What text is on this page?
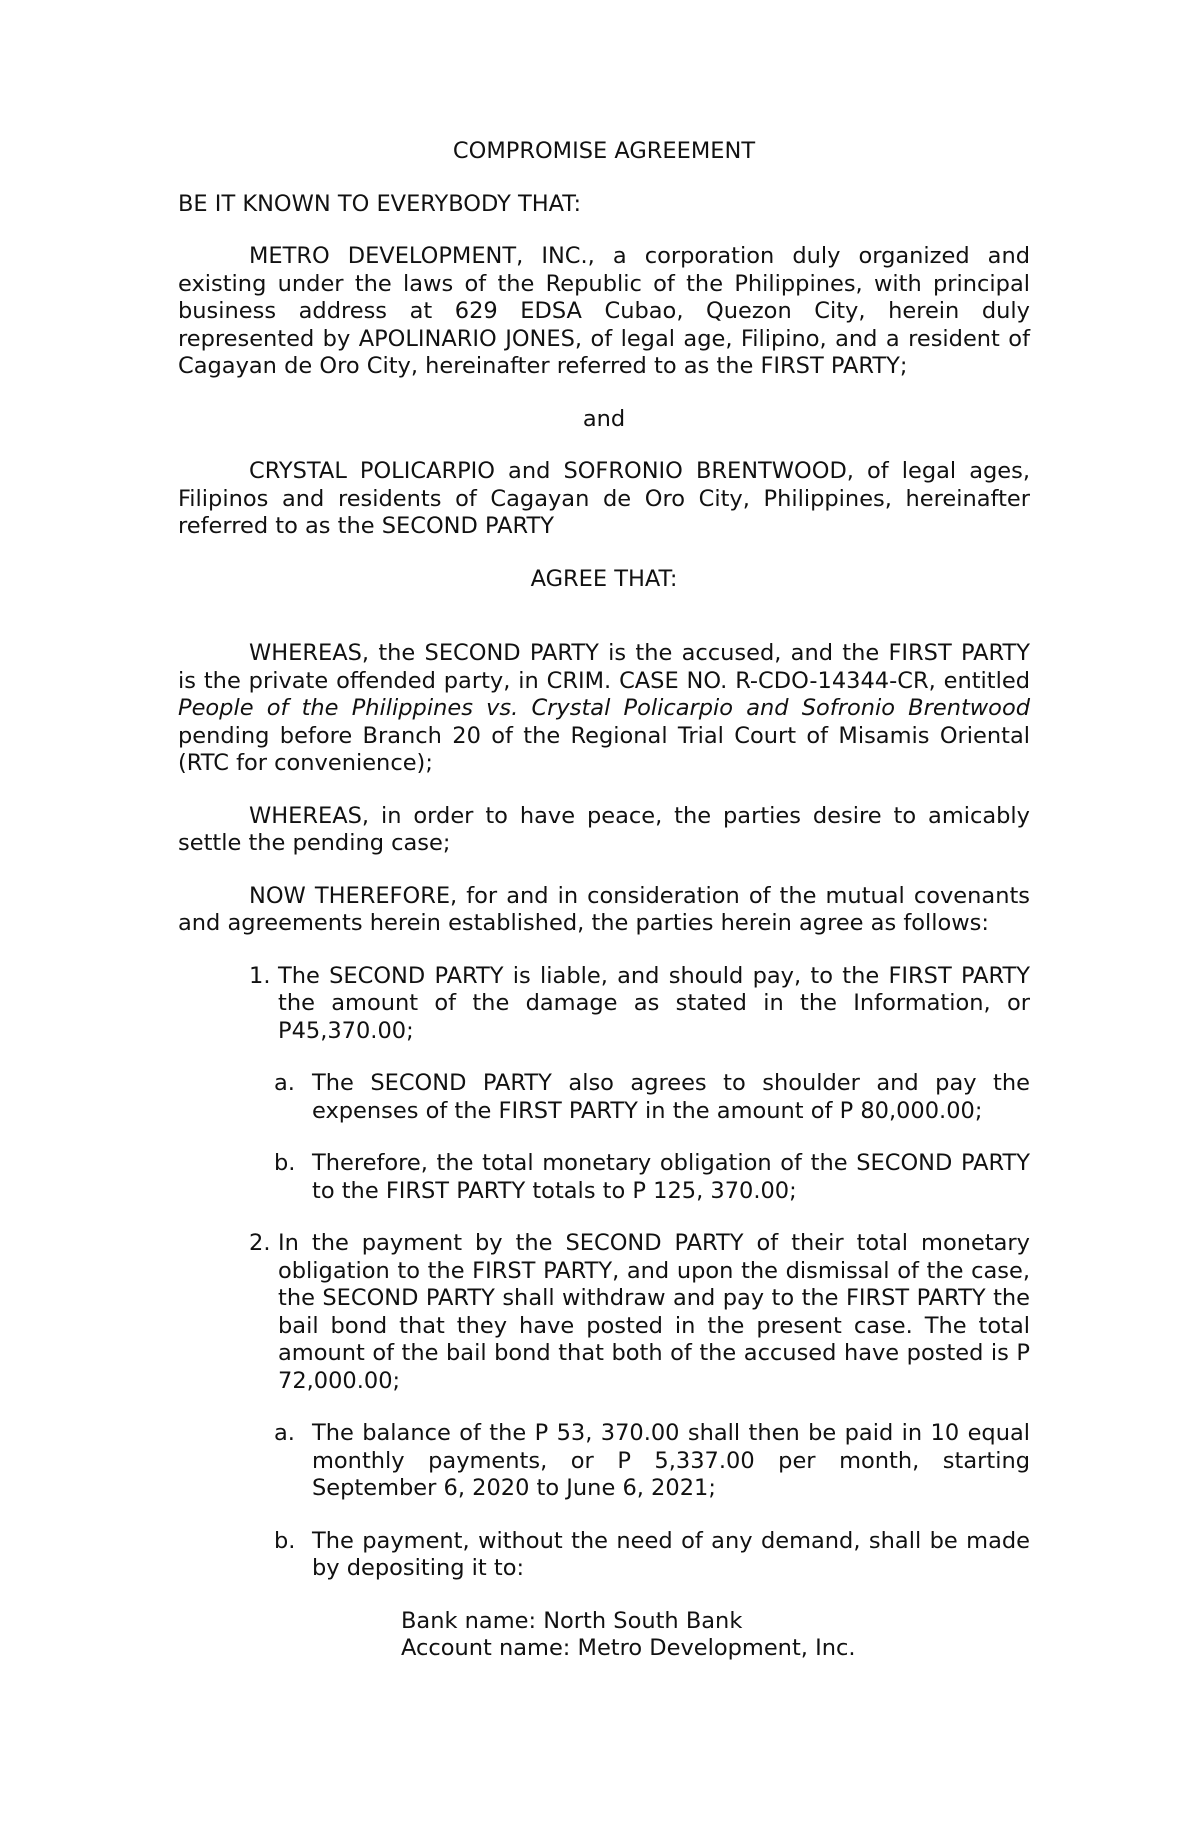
COMPROMISE AGREEMENT

BE IT KNOWN TO EVERYBODY THAT:

METRO DEVELOPMENT, INC., a corporation duly organized and existing under the laws of the Republic of the Philippines, with principal business address at 629 EDSA Cubao, Quezon City, herein duly represented by APOLINARIO JONES, of legal age, Filipino, and a resident of Cagayan de Oro City, hereinafter referred to as the FIRST PARTY;

and

CRYSTAL POLICARPIO and SOFRONIO BRENTWOOD, of legal ages, Filipinos and residents of Cagayan de Oro City, Philippines, hereinafter referred to as the SECOND PARTY

AGREE THAT:

WHEREAS, the SECOND PARTY is the accused, and the FIRST PARTY is the private offended party, in CRIM. CASE NO. R-CDO-14344-CR, entitled People of the Philippines vs. Crystal Policarpio and Sofronio Brentwood pending before Branch 20 of the Regional Trial Court of Misamis Oriental (RTC for convenience);

WHEREAS, in order to have peace, the parties desire to amicably settle the pending case;

NOW THEREFORE, for and in consideration of the mutual covenants and agreements herein established, the parties herein agree as follows:

1. The SECOND PARTY is liable, and should pay, to the FIRST PARTY the amount of the damage as stated in the Information, or P45,370.00;
a. The SECOND PARTY also agrees to shoulder and pay the expenses of the FIRST PARTY in the amount of P 80,000.00;
b. Therefore, the total monetary obligation of the SECOND PARTY to the FIRST PARTY totals to P 125, 370.00;
2. In the payment by the SECOND PARTY of their total monetary obligation to the FIRST PARTY, and upon the dismissal of the case, the SECOND PARTY shall withdraw and pay to the FIRST PARTY the bail bond that they have posted in the present case. The total amount of the bail bond that both of the accused have posted is P 72,000.00;
a. The balance of the P 53, 370.00 shall then be paid in 10 equal monthly payments, or P 5,337.00 per month, starting September 6, 2020 to June 6, 2021;
b. The payment, without the need of any demand, shall be made by depositing it to:

Bank name: North South Bank

Account name: Metro Development, Inc.
